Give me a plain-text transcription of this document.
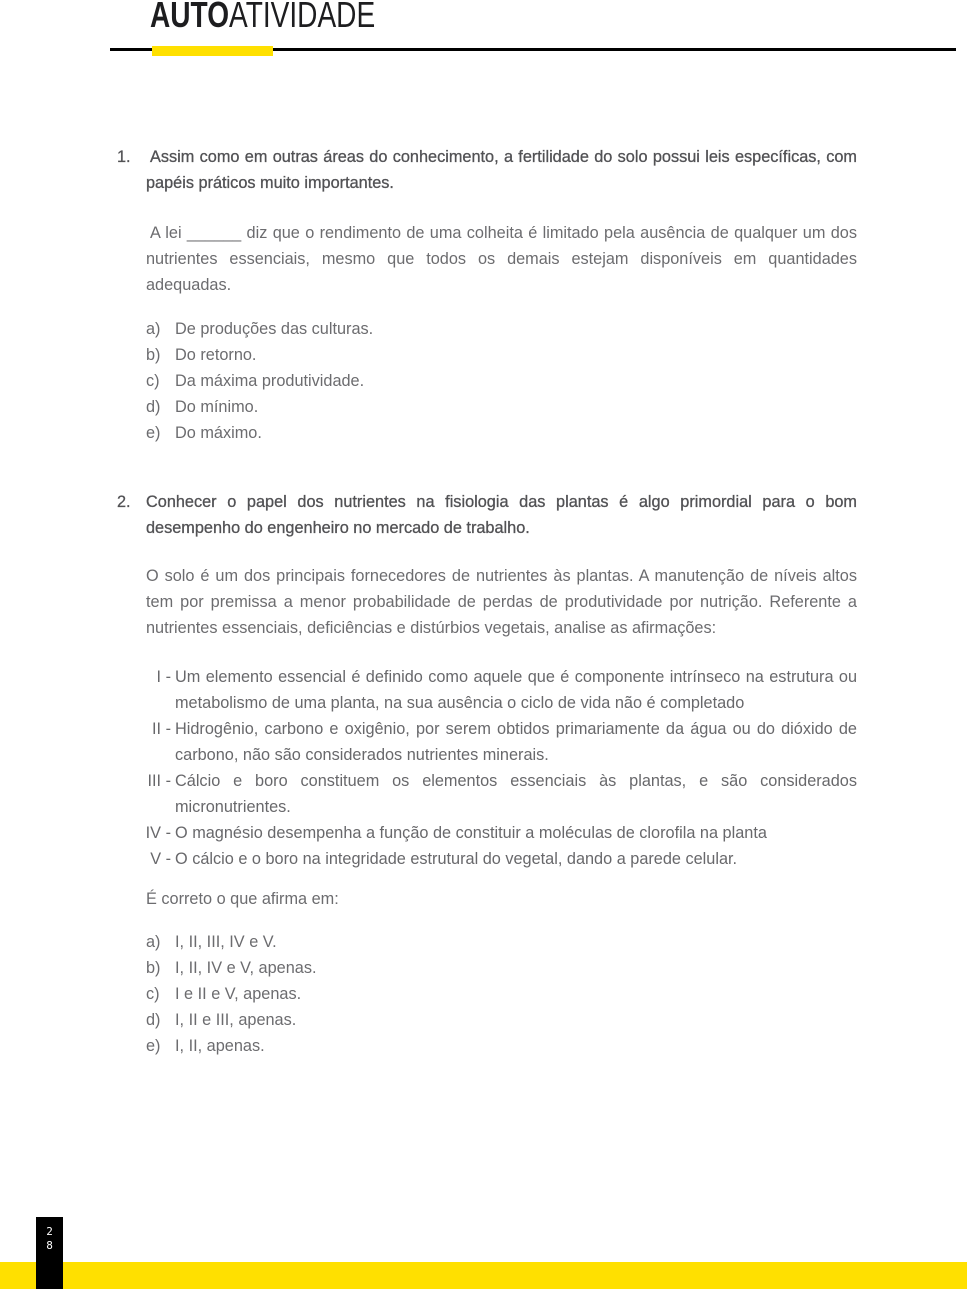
AUTOATIVIDADE
1.	Assim como em outras áreas do conhecimento, a fertilidade do solo possui leis específicas, com papéis práticos muito importantes.

A lei ______ diz que o rendimento de uma colheita é limitado pela ausência de qualquer um dos nutrientes essenciais, mesmo que todos os demais estejam disponíveis em quantidades adequadas.

a) De produções das culturas.
b) Do retorno.
c) Da máxima produtividade.
d) Do mínimo.
e) Do máximo.
2. Conhecer o papel dos nutrientes na fisiologia das plantas é algo primordial para o bom desempenho do engenheiro no mercado de trabalho.

O solo é um dos principais fornecedores de nutrientes às plantas. A manutenção de níveis altos tem por premissa a menor probabilidade de perdas de produtividade por nutrição. Referente a nutrientes essenciais, deficiências e distúrbios vegetais, analise as afirmações:

I - Um elemento essencial é definido como aquele que é componente intrínseco na estrutura ou metabolismo de uma planta, na sua ausência o ciclo de vida não é completado
II - Hidrogênio, carbono e oxigênio, por serem obtidos primariamente da água ou do dióxido de carbono, não são considerados nutrientes minerais.
III - Cálcio e boro constituem os elementos essenciais às plantas, e são considerados micronutrientes.
IV - O magnésio desempenha a função de constituir a moléculas de clorofila na planta
V - O cálcio e o boro na integridade estrutural do vegetal, dando a parede celular.

É correto o que afirma em:

a) I, II, III, IV e V.
b) I, II, IV e V, apenas.
c) I e II e V, apenas.
d) I, II e III, apenas.
e) I, II, apenas.
2
8
